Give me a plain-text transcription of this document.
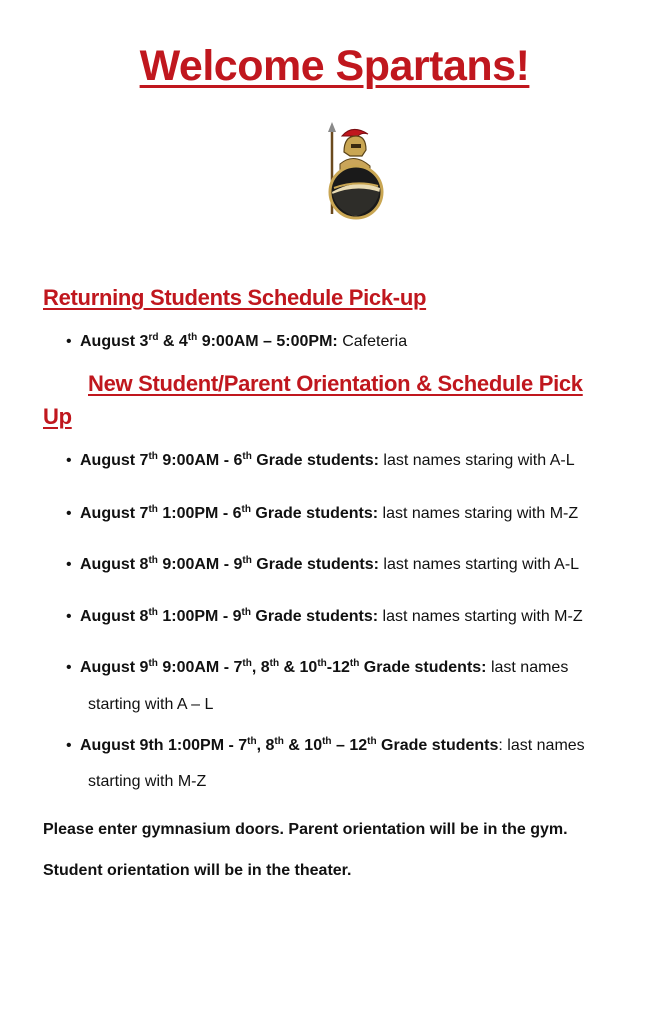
Welcome Spartans!
Returning Students Schedule Pick-up
• August 3rd & 4th 9:00AM – 5:00PM: Cafeteria
New Student/Parent Orientation & Schedule Pick
Up
• August 7th 9:00AM - 6th Grade students: last names staring with A-L
• August 7th 1:00PM - 6th Grade students: last names staring with M-Z
• August 8th 9:00AM - 9th Grade students: last names starting with A-L
• August 8th 1:00PM - 9th Grade students: last names starting with M-Z
• August 9th 9:00AM - 7th, 8th & 10th-12th Grade students: last names
starting with A – L
• August 9th 1:00PM - 7th, 8th & 10th – 12th Grade students: last names
starting with M-Z
Please enter gymnasium doors. Parent orientation will be in the gym.
Student orientation will be in the theater.
